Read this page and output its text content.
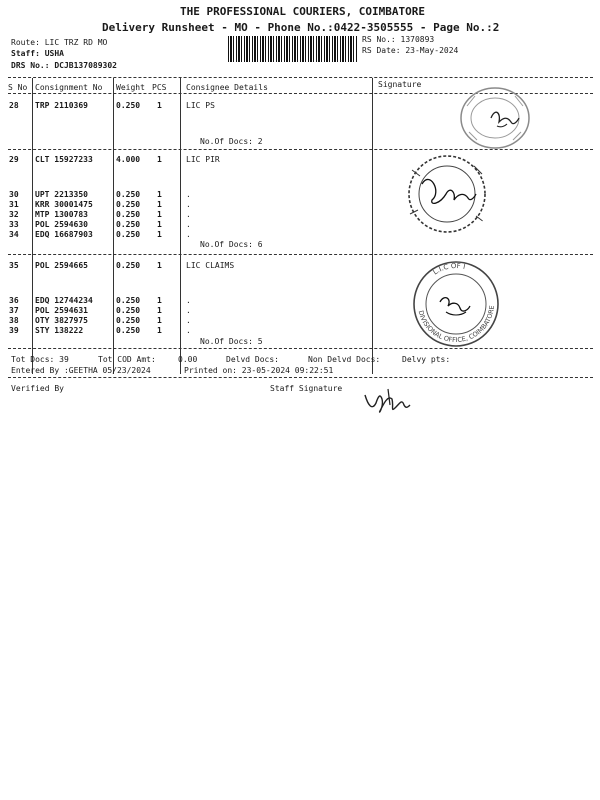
THE PROFESSIONAL COURIERS, COIMBATORE
Delivery Runsheet - MO - Phone No.:0422-3505555 - Page No.:2
Route: LIC TRZ RD MO
Staff: USHA
DRS No.: DCJB137089302
RS No.: 1370893
RS Date: 23-May-2024
S No Consignment No Weight PCS Consignee Details	Signature
28 TRP 2110369	0.250 1	LIC PS
No.Of Docs: 2
29 CLT 15927233	4.000 1	LIC PIR
30 UPT 2213350	0.250 1	.
31 KRR 30001475	0.250 1	.
32 MTP 1300783	0.250 1	.
33 POL 2594630	0.250 1	.
34 EDQ 16687903	0.250 1	.
No.Of Docs: 6
35 POL 2594665	0.250 1	LIC CLAIMS
36 EDQ 12744234	0.250 1	.
37 POL 2594631	0.250 1	.
38 OTY 3827975	0.250 1	.
39 STY 138222	0.250 1	.
No.Of Docs: 5
Tot Docs: 39	Tot COD Amt:	0.00	Delvd Docs:	Non Delvd Docs:	Delvy pts:
Entered By :GEETHA 05/23/2024	Printed on: 23-05-2024 09:22:51
Verified By	Staff Signature
L.I.C OF I
DIVISIONAL OFFICE, COIMBATORE
